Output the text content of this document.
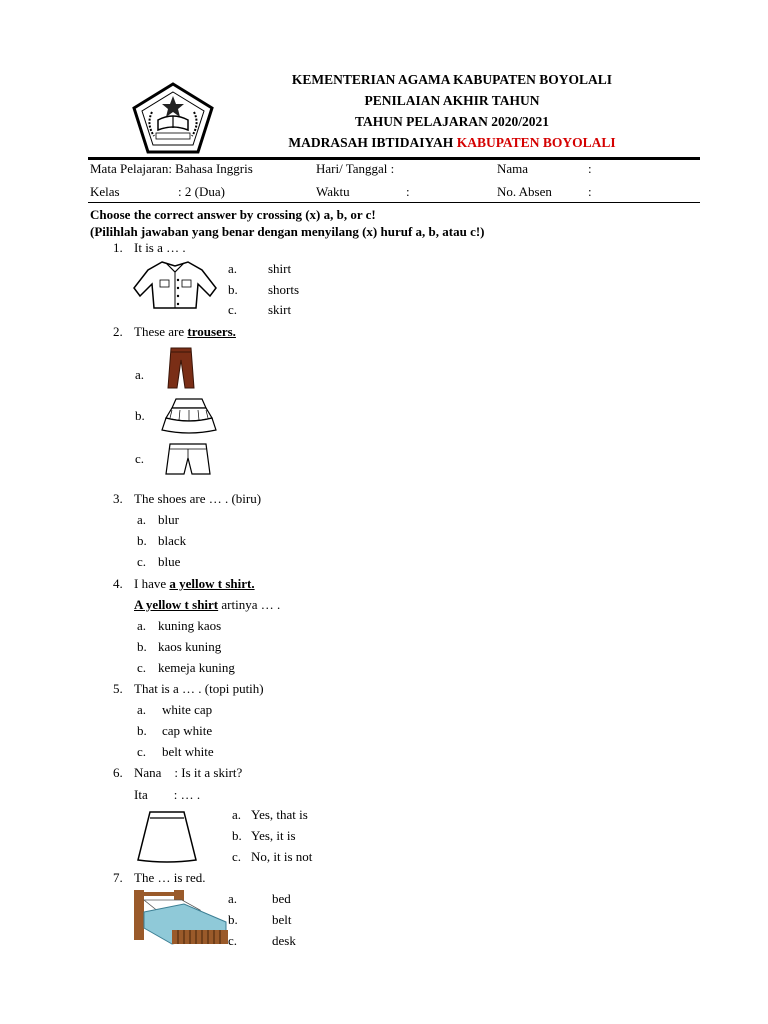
KEMENTERIAN AGAMA KABUPATEN BOYOLALI
PENILAIAN AKHIR TAHUN
TAHUN PELAJARAN 2020/2021
MADRASAH IBTIDAIYAH KABUPATEN BOYOLALI
Mata Pelajaran: Bahasa Inggris	Hari/ Tanggal :	Nama	:
Kelas	: 2 (Dua)	Waktu	:	No. Absen	:
Choose the correct answer by crossing (x) a, b, or c!
(Pilihlah jawaban yang benar dengan menyilang (x) huruf a, b, atau c!)
1. It is a … .
a. shirt
b. shorts
c. skirt
2. These are trousers.
a.
b.
c.
3. The shoes are … . (biru)
a. blur
b. black
c. blue
4. I have a yellow t shirt.
A yellow t shirt artinya … .
a. kuning kaos
b. kaos kuning
c. kemeja kuning
5. That is a … . (topi putih)
a. white cap
b. cap white
c. belt white
6. Nana    : Is it a skirt?
Ita        : … .
a. Yes, that is
b. Yes, it is
c. No, it is not
7. The … is red.
a.	bed
b.	belt
c.	desk
